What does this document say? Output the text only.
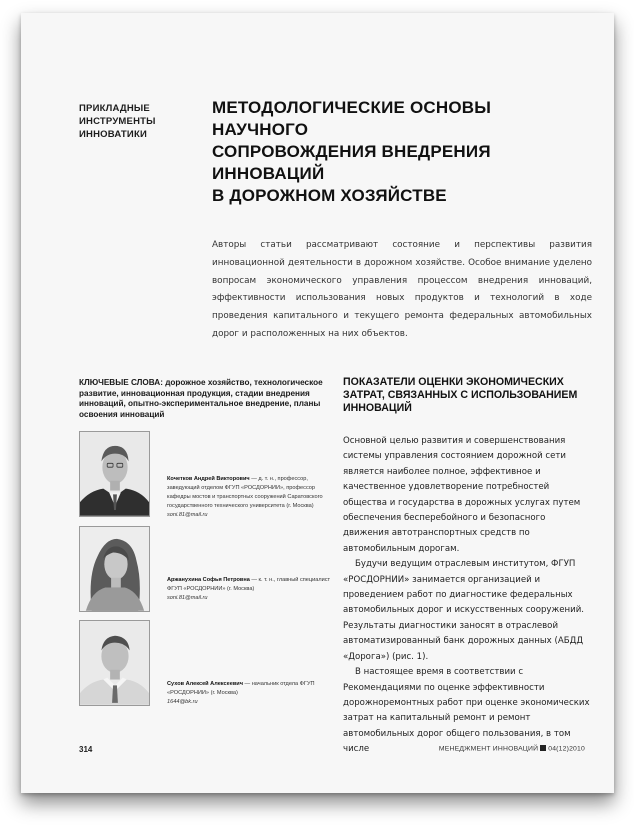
ПРИКЛАДНЫЕ
ИНСТРУМЕНТЫ
ИННОВАТИКИ
МЕТОДОЛОГИЧЕСКИЕ ОСНОВЫ НАУЧНОГО
СОПРОВОЖДЕНИЯ ВНЕДРЕНИЯ ИННОВАЦИЙ
В ДОРОЖНОМ ХОЗЯЙСТВЕ

Авторы статьи рассматривают состояние и перспективы развития инновационной деятельности в дорожном хозяйстве. Особое внимание уделено вопросам экономического управления процессом внедрения инноваций, эффективности использования новых продуктов и технологий в ходе проведения капитального и текущего ремонта федеральных автомобильных дорог и расположенных на них объектов.

КЛЮЧЕВЫЕ СЛОВА: дорожное хозяйство, технологическое развитие, инновационная продукция, стадии внедрения инноваций, опытно-экспериментальное внедрение, планы освоения инноваций
Кочетков Андрей Викторович — д. т. н., профессор, заведующий отделом ФГУП «РОСДОРНИИ», профессор кафедры мостов и транспортных сооружений Саратовского государственного технического университета (г. Москва)
soni.81@mail.ru
Аржанухина Софья Петровна — к. т. н., главный специалист ФГУП «РОСДОРНИИ» (г. Москва)
soni.81@mail.ru
Сухов Алексей Алексеевич — начальник отдела ФГУП «РОСДОРНИИ» (г. Москва)
1644@bk.ru
ПОКАЗАТЕЛИ ОЦЕНКИ ЭКОНОМИЧЕСКИХ
ЗАТРАТ, СВЯЗАННЫХ С ИСПОЛЬЗОВАНИЕМ
ИННОВАЦИЙ

Основной целью развития и совершенствования системы управления состоянием дорожной сети является наиболее полное, эффективное и качественное удовлетворение потребностей общества и государства в дорожных услугах путем обеспечения бесперебойного и безопасного движения автотранспортных средств по автомобильным дорогам.

Будучи ведущим отраслевым институтом, ФГУП «РОСДОРНИИ» занимается организацией и проведением работ по диагностике федеральных автомобильных дорог и искусственных сооружений. Результаты диагностики заносят в отраслевой автоматизированный банк дорожных данных (АБДД «Дорога») (рис. 1).

В настоящее время в соответствии с Рекомендациями по оценке эффективности дорожноремонтных работ при оценке экономических затрат на капитальный ремонт и ремонт автомобильных дорог общего пользования, в том числе

314	МЕНЕДЖМЕНТ ИННОВАЦИЙ 04(12)2010
